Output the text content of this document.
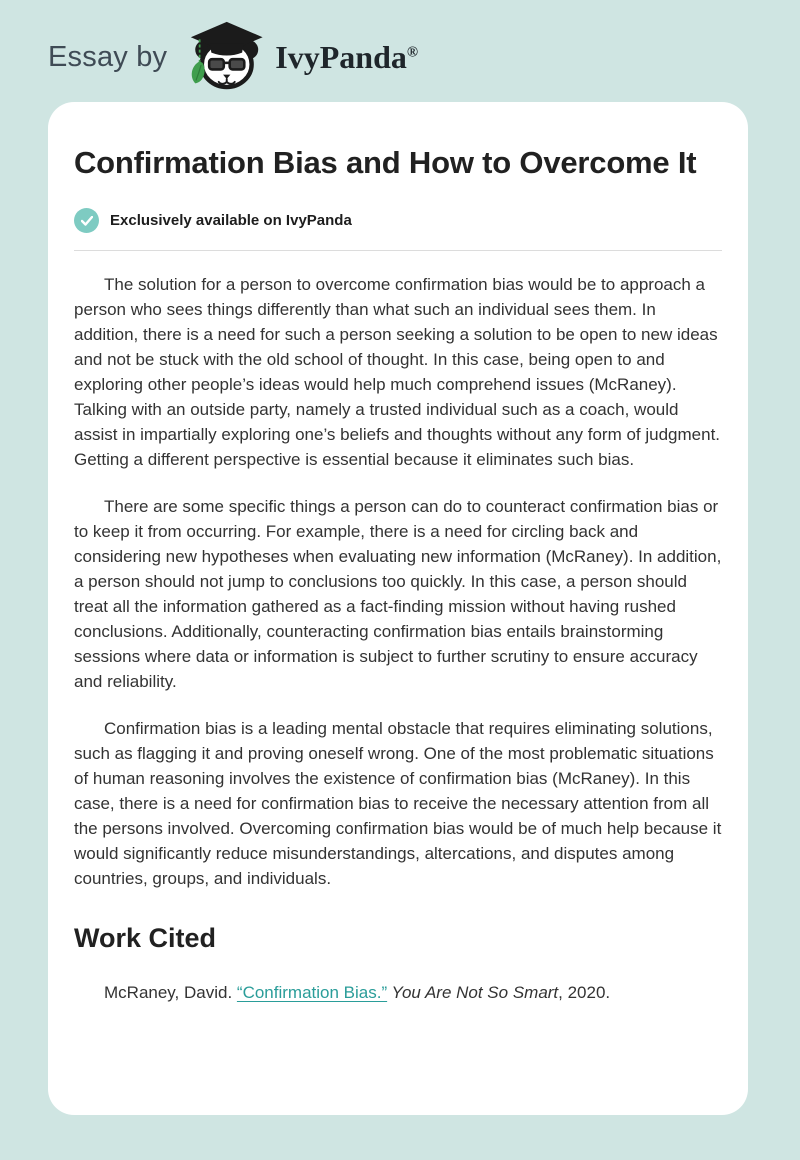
Essay by	IvyPanda®
Confirmation Bias and How to Overcome It
Exclusively available on IvyPanda

The solution for a person to overcome confirmation bias would be to approach a person who sees things differently than what such an individual sees them. In addition, there is a need for such a person seeking a solution to be open to new ideas and not be stuck with the old school of thought. In this case, being open to and exploring other people’s ideas would help much comprehend issues (McRaney). Talking with an outside party, namely a trusted individual such as a coach, would assist in impartially exploring one’s beliefs and thoughts without any form of judgment. Getting a different perspective is essential because it eliminates such bias.

There are some specific things a person can do to counteract confirmation bias or to keep it from occurring. For example, there is a need for circling back and considering new hypotheses when evaluating new information (McRaney). In addition, a person should not jump to conclusions too quickly. In this case, a person should treat all the information gathered as a fact-finding mission without having rushed conclusions. Additionally, counteracting confirmation bias entails brainstorming sessions where data or information is subject to further scrutiny to ensure accuracy and reliability.

Confirmation bias is a leading mental obstacle that requires eliminating solutions, such as flagging it and proving oneself wrong. One of the most problematic situations of human reasoning involves the existence of confirmation bias (McRaney). In this case, there is a need for confirmation bias to receive the necessary attention from all the persons involved. Overcoming confirmation bias would be of much help because it would significantly reduce misunderstandings, altercations, and disputes among countries, groups, and individuals.

Work Cited

McRaney, David. “Confirmation Bias.” You Are Not So Smart, 2020.
